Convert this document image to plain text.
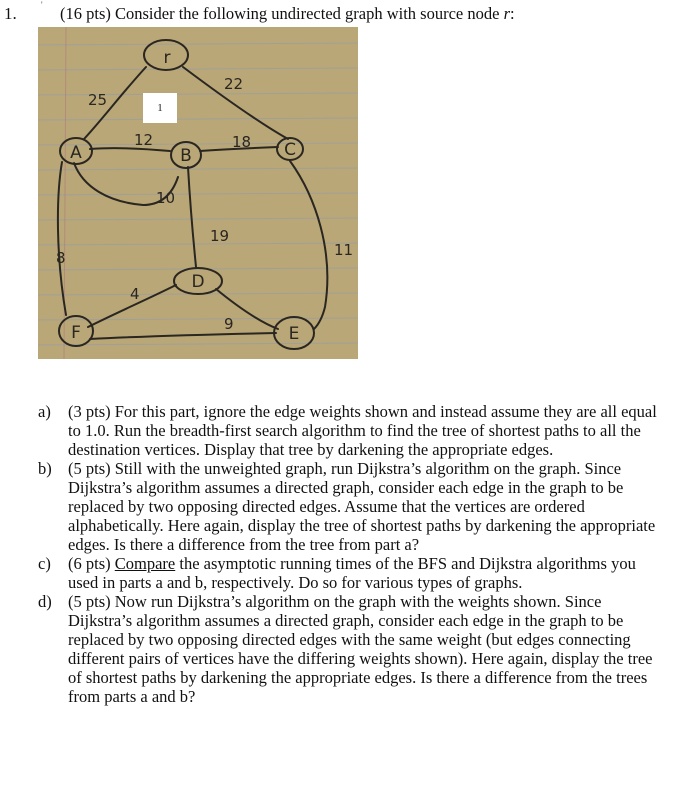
1.	' (16 pts) Consider the following undirected graph with source node r:
r
A	B	C
D
E
F
25
22
12	18
10
19
11
8
4
9
1
a) (3 pts) For this part, ignore the edge weights shown and instead assume they are all equal to 1.0. Run the breadth-first search algorithm to find the tree of shortest paths to all the destination vertices. Display that tree by darkening the appropriate edges.
b) (5 pts) Still with the unweighted graph, run Dijkstra’s algorithm on the graph. Since Dijkstra’s algorithm assumes a directed graph, consider each edge in the graph to be replaced by two opposing directed edges. Assume that the vertices are ordered alphabetically. Here again, display the tree of shortest paths by darkening the appropriate edges. Is there a difference from the tree from part a?
c) (6 pts) Compare the asymptotic running times of the BFS and Dijkstra algorithms you used in parts a and b, respectively. Do so for various types of graphs.
d) (5 pts) Now run Dijkstra’s algorithm on the graph with the weights shown. Since Dijkstra’s algorithm assumes a directed graph, consider each edge in the graph to be replaced by two opposing directed edges with the same weight (but edges connecting different pairs of vertices have the differing weights shown). Here again, display the tree of shortest paths by darkening the appropriate edges. Is there a difference from the trees from parts a and b?
